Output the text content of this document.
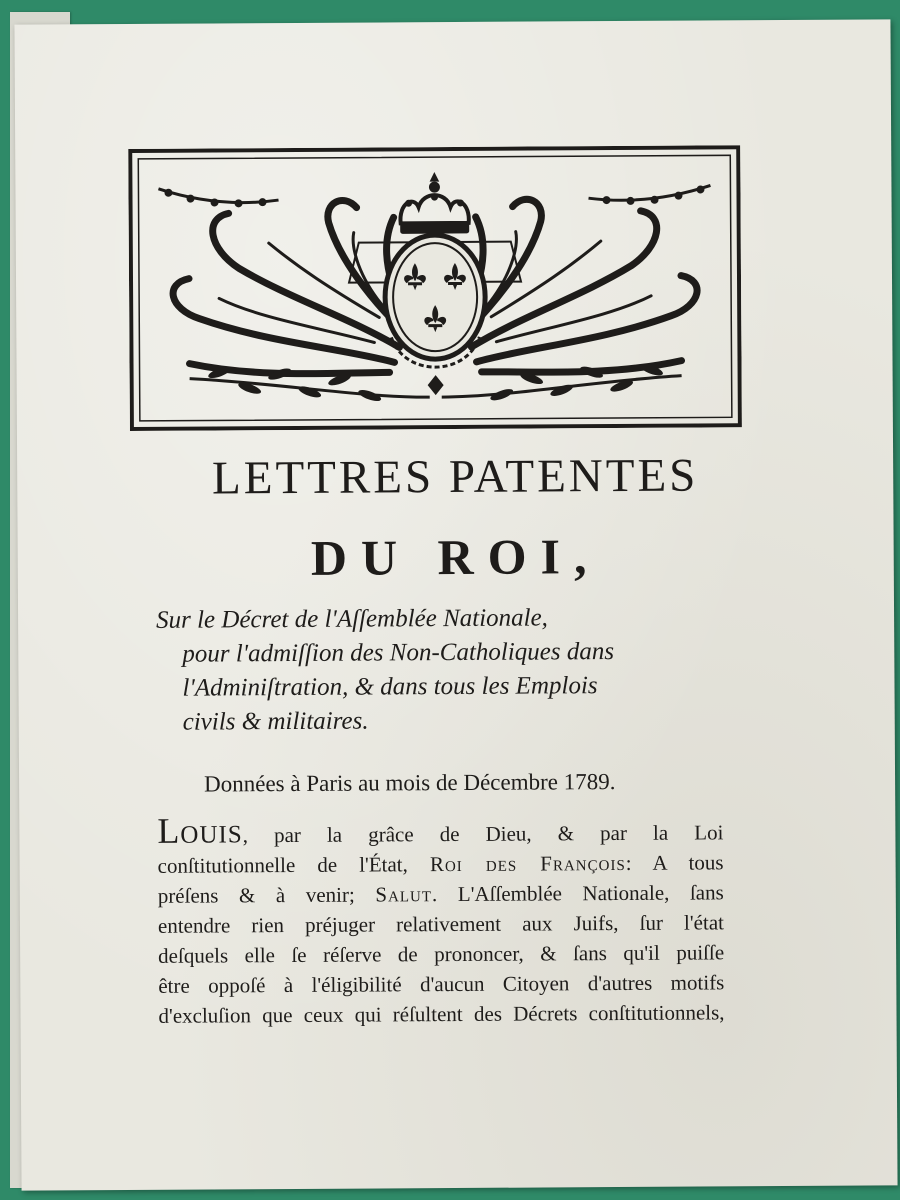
LETTRES PATENTES
DU ROI,
Sur le Décret de l'Aſſemblée Nationale,
pour l'admiſſion des Non-Catholiques dans
l'Adminiſtration, & dans tous les Emplois
civils & militaires.
Données à Paris au mois de Décembre 1789.
Louis, par la grâce de Dieu, & par la Loi
conſtitutionnelle de l'État, Roi des François: A tous
préſens & à venir; Salut. L'Aſſemblée Nationale, ſans
entendre rien préjuger relativement aux Juifs, ſur l'état
deſquels elle ſe réſerve de prononcer, & ſans qu'il puiſſe
être oppoſé à l'éligibilité d'aucun Citoyen d'autres motifs
d'excluſion que ceux qui réſultent des Décrets conſtitutionnels,
